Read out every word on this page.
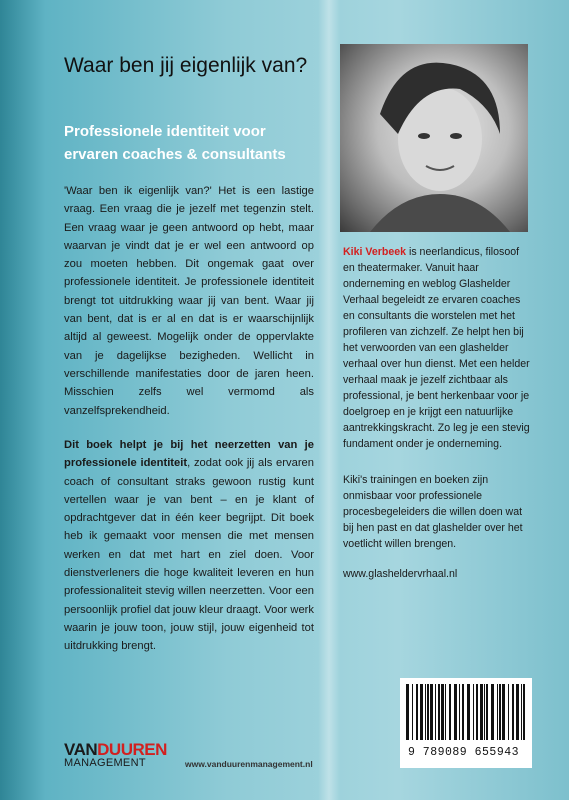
Waar ben jij eigenlijk van?
Professionele identiteit voor ervaren coaches & consultants
'Waar ben ik eigenlijk van?' Het is een lastige vraag. Een vraag die je jezelf met tegenzin stelt. Een vraag waar je geen antwoord op hebt, maar waarvan je vindt dat je er wel een antwoord op zou moeten hebben. Dit ongemak gaat over professionele identiteit. Je professionele identiteit brengt tot uitdrukking waar jij van bent. Waar jij van bent, dat is er al en dat is er waarschijnlijk altijd al geweest. Mogelijk onder de oppervlakte van je dagelijkse bezigheden. Wellicht in verschillende manifestaties door de jaren heen. Misschien zelfs wel vermomd als vanzelfsprekendheid.
Dit boek helpt je bij het neerzetten van je professionele identiteit, zodat ook jij als ervaren coach of consultant straks gewoon rustig kunt vertellen waar je van bent – en je klant of opdrachtgever dat in één keer begrijpt. Dit boek heb ik gemaakt voor mensen die met mensen werken en dat met hart en ziel doen. Voor dienstverleners die hoge kwaliteit leveren en hun professionaliteit stevig willen neerzetten. Voor een persoonlijk profiel dat jouw kleur draagt. Voor werk waarin je jouw toon, jouw stijl, jouw eigenheid tot uitdrukking brengt.
Kiki Verbeek is neerlandicus, filosoof en theatermaker. Vanuit haar onderneming en weblog Glashelder Verhaal begeleidt ze ervaren coaches en consultants die worstelen met het profileren van zichzelf. Ze helpt hen bij het verwoorden van een glashelder verhaal over hun dienst. Met een helder verhaal maak je jezelf zichtbaar als professional, je bent herkenbaar voor je doelgroep en je krijgt een natuurlijke aantrekkingskracht. Zo leg je een stevig fundament onder je onderneming.
Kiki's trainingen en boeken zijn onmisbaar voor professionele procesbegeleiders die willen doen wat bij hen past en dat glashelder over het voetlicht willen brengen.
www.glasheldervrhaal.nl
9 789089 655943
VANDUUREN
MANAGEMENT	www.vanduurenmanagement.nl
